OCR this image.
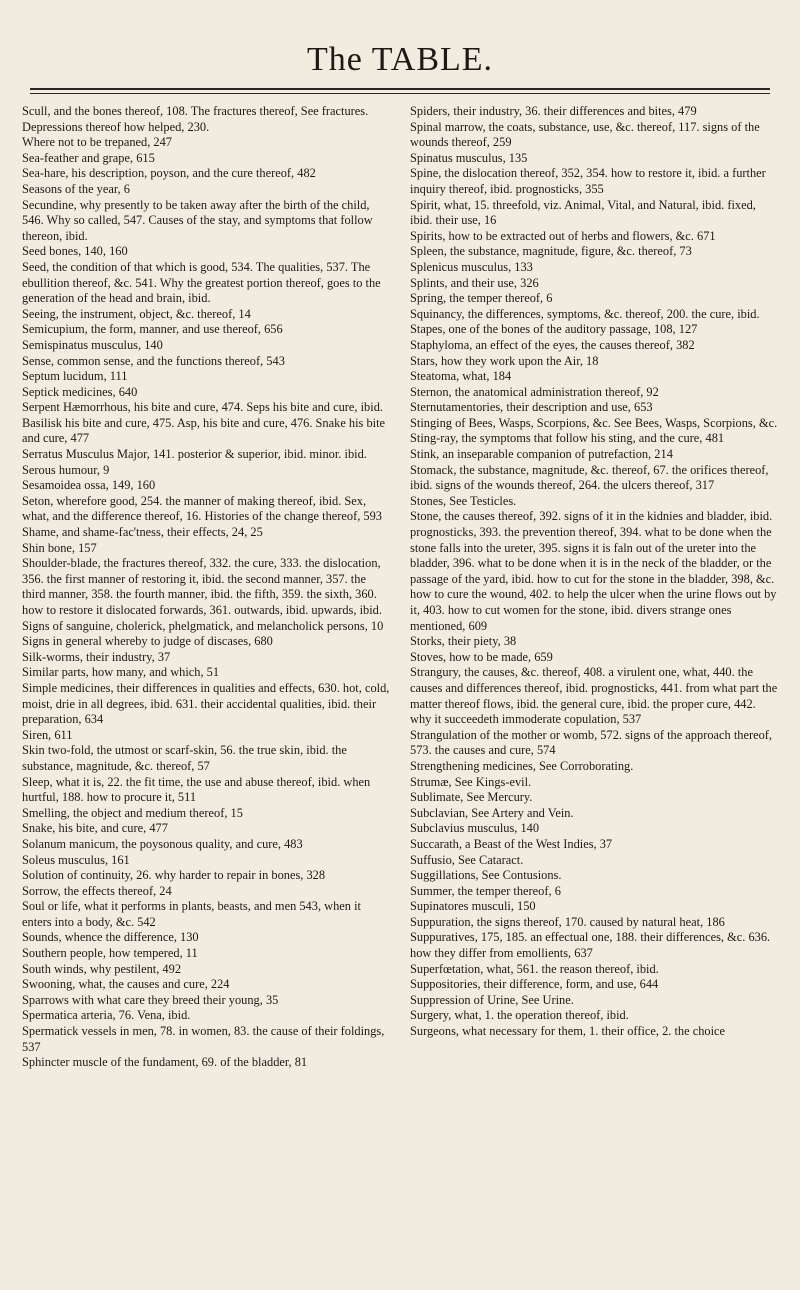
The TABLE.

Scull, and the bones thereof, 108. The fractures thereof, See fractures. Depressions thereof how helped, 230.

Where not to be trepaned, 247

Sea-feather and grape, 615

Sea-hare, his description, poyson, and the cure thereof, 482

Seasons of the year, 6

Secundine, why presently to be taken away after the birth of the child, 546. Why so called, 547. Causes of the stay, and symptoms that follow thereon, ibid.

Seed bones, 140, 160

Seed, the condition of that which is good, 534. The qualities, 537. The ebullition thereof, &c. 541. Why the greatest portion thereof, goes to the generation of the head and brain, ibid.

Seeing, the instrument, object, &c. thereof, 14

Semicupium, the form, manner, and use thereof, 656

Semispinatus musculus, 140

Sense, common sense, and the functions thereof, 543

Septum lucidum, 111

Septick medicines, 640

Serpent Hæmorrhous, his bite and cure, 474. Seps his bite and cure, ibid. Basilisk his bite and cure, 475. Asp, his bite and cure, 476. Snake his bite and cure, 477

Serratus Musculus Major, 141. posterior & superior, ibid. minor. ibid.

Serous humour, 9

Sesamoidea ossa, 149, 160

Seton, wherefore good, 254. the manner of making thereof, ibid. Sex, what, and the difference thereof, 16. Histories of the change thereof, 593

Shame, and shame-fac'tness, their effects, 24, 25

Shin bone, 157

Shoulder-blade, the fractures thereof, 332. the cure, 333. the dislocation, 356. the first manner of restoring it, ibid. the second manner, 357. the third manner, 358. the fourth manner, ibid. the fifth, 359. the sixth, 360. how to restore it dislocated forwards, 361. outwards, ibid. upwards, ibid.

Signs of sanguine, cholerick, phelgmatick, and melancholick persons, 10

Signs in general whereby to judge of discases, 680

Silk-worms, their industry, 37

Similar parts, how many, and which, 51

Simple medicines, their differences in qualities and effects, 630. hot, cold, moist, drie in all degrees, ibid. 631. their accidental qualities, ibid. their preparation, 634

Siren, 611

Skin two-fold, the utmost or scarf-skin, 56. the true skin, ibid. the substance, magnitude, &c. thereof, 57

Sleep, what it is, 22. the fit time, the use and abuse thereof, ibid. when hurtful, 188. how to procure it, 511

Smelling, the object and medium thereof, 15

Snake, his bite, and cure, 477

Solanum manicum, the poysonous quality, and cure, 483

Soleus musculus, 161

Solution of continuity, 26. why harder to repair in bones, 328

Sorrow, the effects thereof, 24

Soul or life, what it performs in plants, beasts, and men 543, when it enters into a body, &c. 542

Sounds, whence the difference, 130

Southern people, how tempered, 11

South winds, why pestilent, 492

Swooning, what, the causes and cure, 224

Sparrows with what care they breed their young, 35

Spermatica arteria, 76. Vena, ibid.

Spermatick vessels in men, 78. in women, 83. the cause of their foldings, 537

Sphincter muscle of the fundament, 69. of the bladder, 81

Spiders, their industry, 36. their differences and bites, 479

Spinal marrow, the coats, substance, use, &c. thereof, 117. signs of the wounds thereof, 259

Spinatus musculus, 135

Spine, the dislocation thereof, 352, 354. how to restore it, ibid. a further inquiry thereof, ibid. prognosticks, 355

Spirit, what, 15. threefold, viz. Animal, Vital, and Natural, ibid. fixed, ibid. their use, 16

Spirits, how to be extracted out of herbs and flowers, &c. 671

Spleen, the substance, magnitude, figure, &c. thereof, 73

Splenicus musculus, 133

Splints, and their use, 326

Spring, the temper thereof, 6

Squinancy, the differences, symptoms, &c. thereof, 200. the cure, ibid.

Stapes, one of the bones of the auditory passage, 108, 127

Staphyloma, an effect of the eyes, the causes thereof, 382

Stars, how they work upon the Air, 18

Steatoma, what, 184

Sternon, the anatomical administration thereof, 92

Sternutamentories, their description and use, 653

Stinging of Bees, Wasps, Scorpions, &c. See Bees, Wasps, Scorpions, &c.

Sting-ray, the symptoms that follow his sting, and the cure, 481

Stink, an inseparable companion of putrefaction, 214

Stomack, the substance, magnitude, &c. thereof, 67. the orifices thereof, ibid. signs of the wounds thereof, 264. the ulcers thereof, 317

Stones, See Testicles.

Stone, the causes thereof, 392. signs of it in the kidnies and bladder, ibid. prognosticks, 393. the prevention thereof, 394. what to be done when the stone falls into the ureter, 395. signs it is faln out of the ureter into the bladder, 396. what to be done when it is in the neck of the bladder, or the passage of the yard, ibid. how to cut for the stone in the bladder, 398, &c. how to cure the wound, 402. to help the ulcer when the urine flows out by it, 403. how to cut women for the stone, ibid. divers strange ones mentioned, 609

Storks, their piety, 38

Stoves, how to be made, 659

Strangury, the causes, &c. thereof, 408. a virulent one, what, 440. the causes and differences thereof, ibid. prognosticks, 441. from what part the matter thereof flows, ibid. the general cure, ibid. the proper cure, 442. why it succeedeth immoderate copulation, 537

Strangulation of the mother or womb, 572. signs of the approach thereof, 573. the causes and cure, 574

Strengthening medicines, See Corroborating.

Strumæ, See Kings-evil.

Sublimate, See Mercury.

Subclavian, See Artery and Vein.

Subclavius musculus, 140

Succarath, a Beast of the West Indies, 37

Suffusio, See Cataract.

Suggillations, See Contusions.

Summer, the temper thereof, 6

Supinatores musculi, 150

Suppuration, the signs thereof, 170. caused by natural heat, 186

Suppuratives, 175, 185. an effectual one, 188. their differences, &c. 636. how they differ from emollients, 637

Superfœtation, what, 561. the reason thereof, ibid.

Suppositories, their difference, form, and use, 644

Suppression of Urine, See Urine.

Surgery, what, 1. the operation thereof, ibid.

Surgeons, what necessary for them, 1. their office, 2. the choice
